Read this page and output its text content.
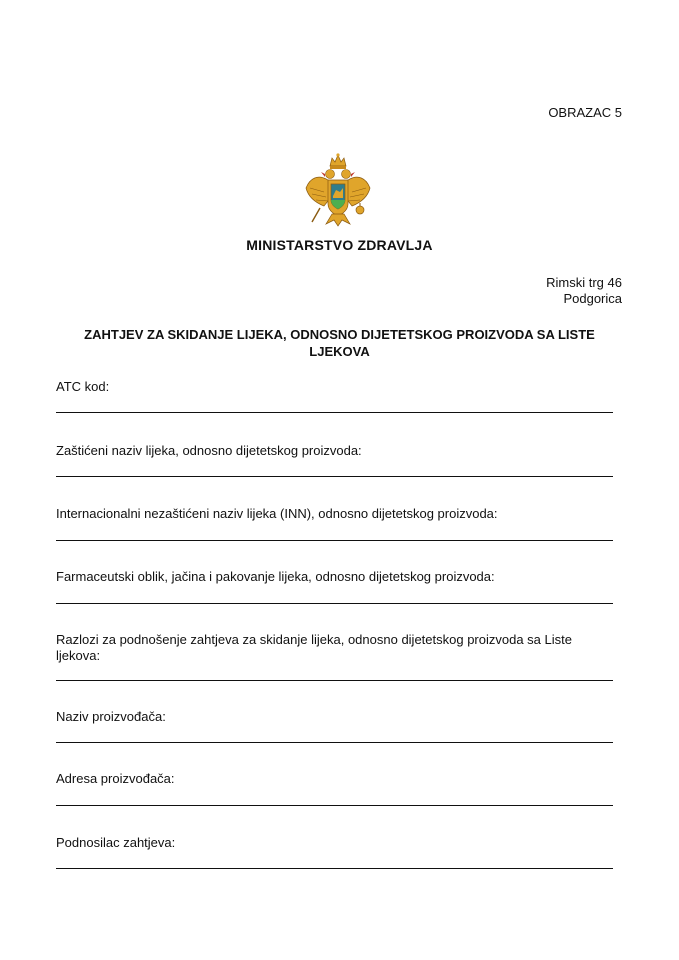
OBRAZAC 5
MINISTARSTVO ZDRAVLJA
Rimski trg 46
Podgorica
ZAHTJEV ZA SKIDANJE LIJEKA, ODNOSNO DIJETETSKOG PROIZVODA SA LISTE LJEKOVA
ATC kod:
Zaštićeni naziv lijeka, odnosno dijetetskog proizvoda:
Internacionalni nezaštićeni naziv lijeka (INN), odnosno dijetetskog proizvoda:
Farmaceutski oblik, jačina i pakovanje lijeka, odnosno dijetetskog proizvoda:
Razlozi za podnošenje zahtjeva za skidanje lijeka, odnosno dijetetskog proizvoda sa Liste ljekova:
Naziv proizvođača:
Adresa proizvođača:
Podnosilac zahtjeva:
